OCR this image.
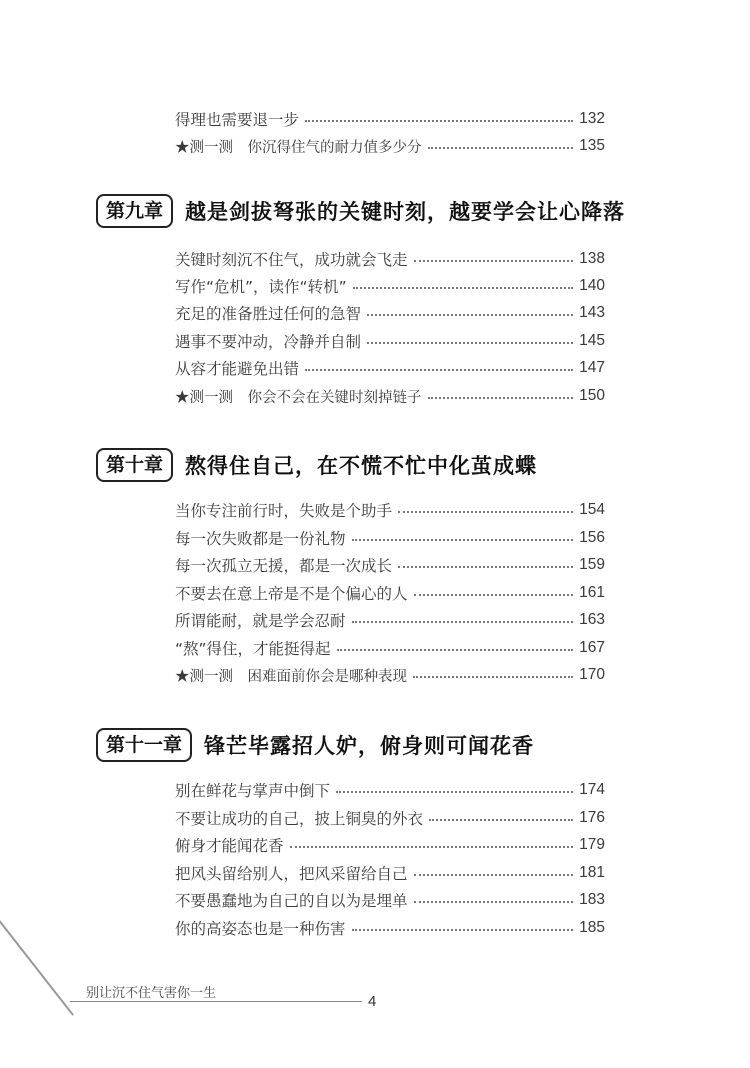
得理也需要退一步	132
★测一测　你沉得住气的耐力值多少分	135
第九章	越是剑拔弩张的关键时刻，越要学会让心降落
关键时刻沉不住气，成功就会飞走	138
写作“危机”，读作“转机”	140
充足的准备胜过任何的急智	143
遇事不要冲动，冷静并自制	145
从容才能避免出错	147
★测一测　你会不会在关键时刻掉链子	150
第十章	熬得住自己，在不慌不忙中化茧成蝶
当你专注前行时，失败是个助手	154
每一次失败都是一份礼物	156
每一次孤立无援，都是一次成长	159
不要去在意上帝是不是个偏心的人	161
所谓能耐，就是学会忍耐	163
“熬”得住，才能挺得起	167
★测一测　困难面前你会是哪种表现	170
第十一章	锋芒毕露招人妒，俯身则可闻花香
别在鲜花与掌声中倒下	174
不要让成功的自己，披上铜臭的外衣	176
俯身才能闻花香	179
把风头留给别人，把风采留给自己	181
不要愚蠢地为自己的自以为是埋单	183
你的高姿态也是一种伤害	185
别让沉不住气害你一生	4
